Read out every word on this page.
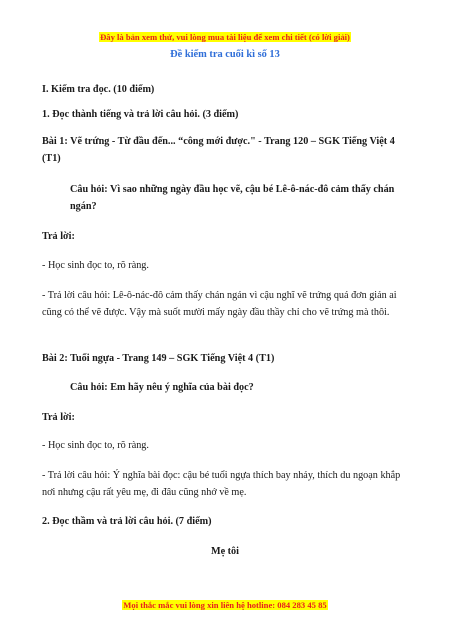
Đây là bản xem thử, vui lòng mua tài liệu để xem chi tiết (có lời giải)
Đề kiểm tra cuối kì số 13
I. Kiểm tra đọc. (10 điểm)
1. Đọc thành tiếng và trả lời câu hỏi. (3 điểm)
Bài 1: Vẽ trứng - Từ đầu đến... “công mới được." - Trang 120 – SGK Tiếng Việt 4 (T1)
Câu hỏi: Vì sao những ngày đầu học vẽ, cậu bé Lê-ô-nác-đô cảm thấy chán ngán?
Trả lời:
- Học sinh đọc to, rõ ràng.
- Trả lời câu hỏi: Lê-ô-nác-đô cảm thấy chán ngán vì cậu nghĩ vẽ trứng quá đơn giản ai cũng có thể vẽ được. Vậy mà suốt mười mấy ngày đầu thầy chỉ cho vẽ trứng mà thôi.
Bài 2: Tuổi ngựa - Trang 149 – SGK Tiếng Việt 4 (T1)
Câu hỏi: Em hãy nêu ý nghĩa của bài đọc?
Trả lời:
- Học sinh đọc to, rõ ràng.
- Trả lời câu hỏi: Ý nghĩa bài đọc: cậu bé tuổi ngựa thích bay nhảy, thích du ngoạn khắp nơi nhưng cậu rất yêu mẹ, đi đâu cũng nhớ về mẹ.
2. Đọc thầm và trả lời câu hỏi. (7 điểm)
Mẹ tôi
Mọi thắc mắc vui lòng xin liên hệ hotline: 084 283 45 85
